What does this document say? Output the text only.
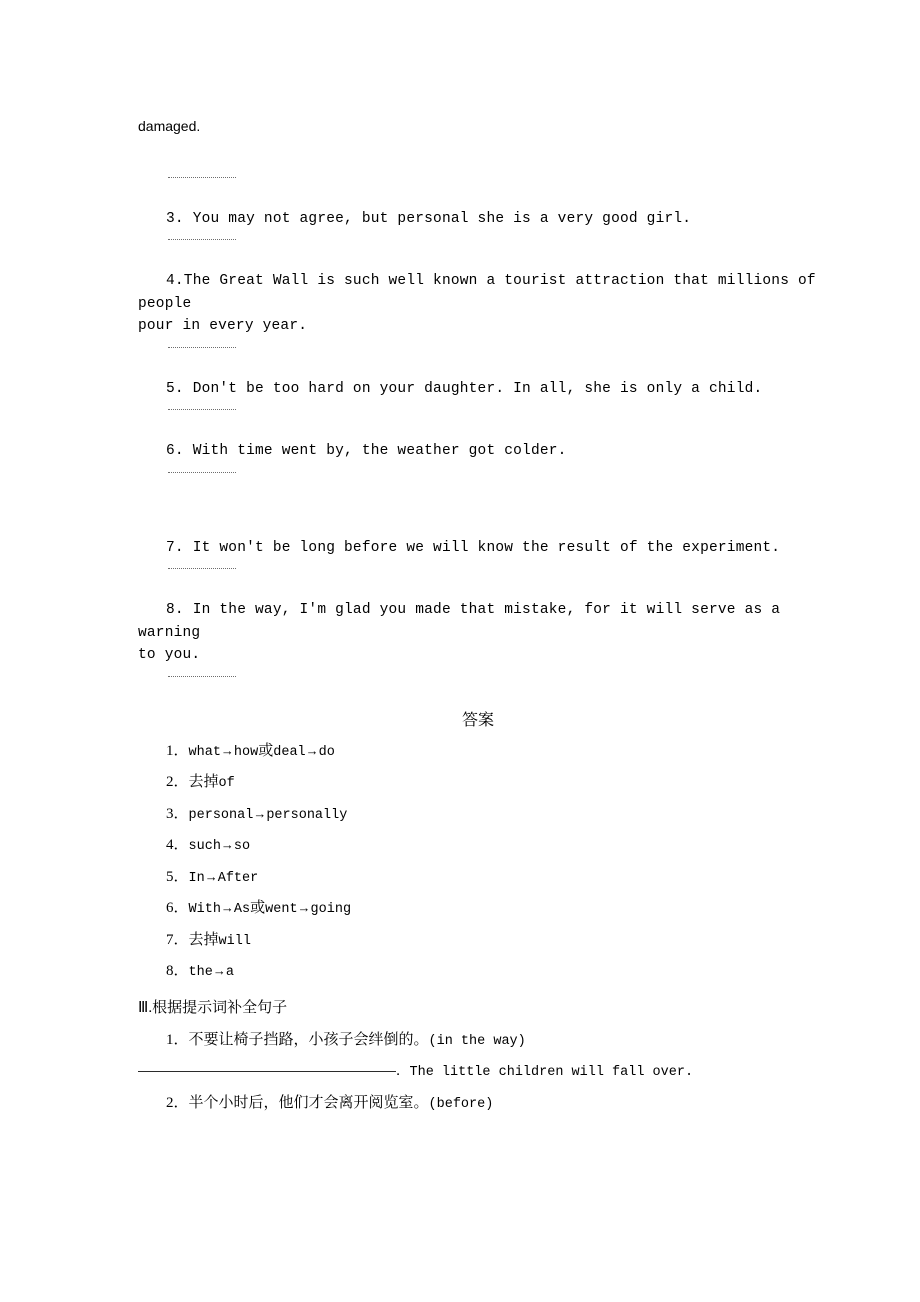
damaged.
3. You may not agree, but personal she is a very good girl.
4.The Great Wall is such well known a tourist attraction that millions of people
pour in every year.
5. Don't be too hard on your daughter. In all, she is only a child.
6. With time went by, the weather got colder.
7. It won't be long before we will know the result of the experiment.
8. In the way, I'm glad you made that mistake, for it will serve as a warning
to you.
答案
1．what→how或deal→do
2．去掉of
3．personal→personally
4．such→so
5．In→After
6．With→As或went→going
7．去掉will
8．the→a
Ⅲ.根据提示词补全句子
1．不要让椅子挡路，小孩子会绊倒的。(in the way)
．The little children will fall over.
2．半个小时后，他们才会离开阅览室。(before)
